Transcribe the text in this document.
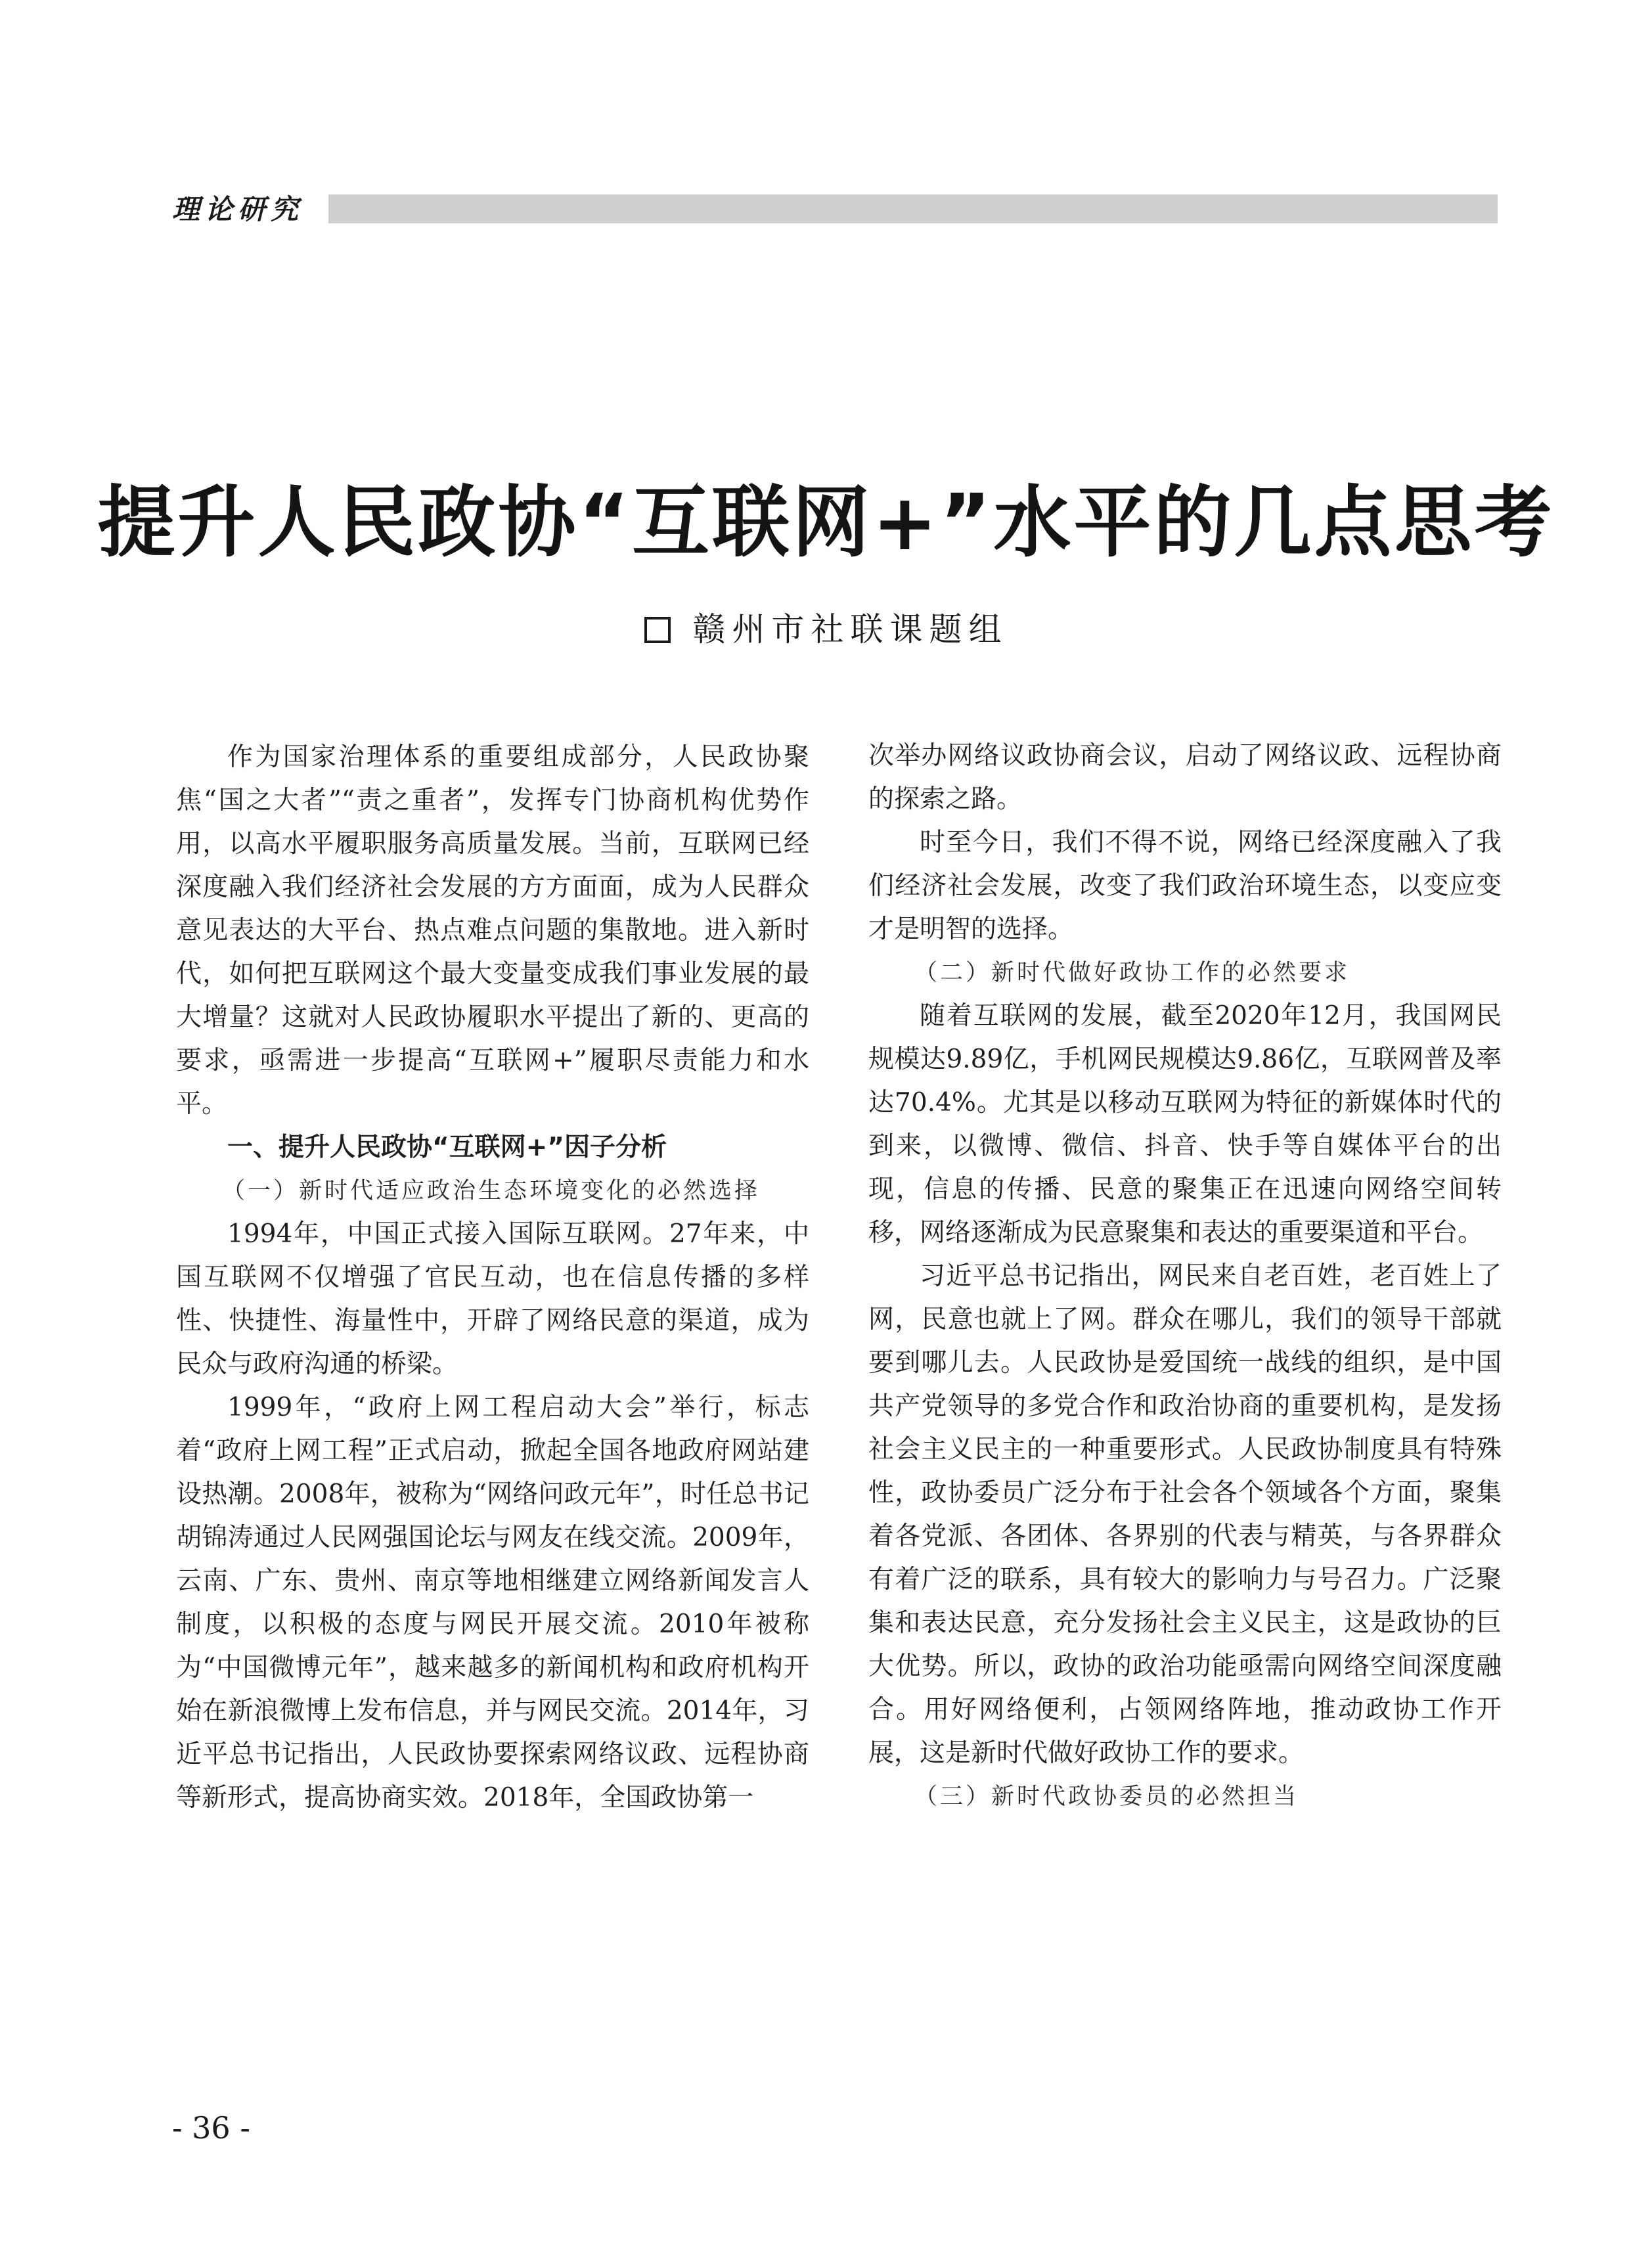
理论研究
提升人民政协“互联网+”水平的几点思考
赣州市社联课题组

作为国家治理体系的重要组成部分，人民政协聚焦“国之大者”“责之重者”，发挥专门协商机构优势作用，以高水平履职服务高质量发展。当前，互联网已经深度融入我们经济社会发展的方方面面，成为人民群众意见表达的大平台、热点难点问题的集散地。进入新时代，如何把互联网这个最大变量变成我们事业发展的最大增量？这就对人民政协履职水平提出了新的、更高的要求，亟需进一步提高“互联网+”履职尽责能力和水平。

一、提升人民政协“互联网+”因子分析
（一）新时代适应政治生态环境变化的必然选择

1994年，中国正式接入国际互联网。27年来，中国互联网不仅增强了官民互动，也在信息传播的多样性、快捷性、海量性中，开辟了网络民意的渠道，成为民众与政府沟通的桥梁。

1999年，“政府上网工程启动大会”举行，标志着“政府上网工程”正式启动，掀起全国各地政府网站建设热潮。2008年，被称为“网络问政元年”，时任总书记胡锦涛通过人民网强国论坛与网友在线交流。2009年，云南、广东、贵州、南京等地相继建立网络新闻发言人制度，以积极的态度与网民开展交流。2010年被称为“中国微博元年”，越来越多的新闻机构和政府机构开始在新浪微博上发布信息，并与网民交流。2014年，习近平总书记指出，人民政协要探索网络议政、远程协商等新形式，提高协商实效。2018年，全国政协第一

次举办网络议政协商会议，启动了网络议政、远程协商的探索之路。

时至今日，我们不得不说，网络已经深度融入了我们经济社会发展，改变了我们政治环境生态，以变应变才是明智的选择。

（二）新时代做好政协工作的必然要求

随着互联网的发展，截至2020年12月，我国网民规模达9.89亿，手机网民规模达9.86亿，互联网普及率达70.4%。尤其是以移动互联网为特征的新媒体时代的到来，以微博、微信、抖音、快手等自媒体平台的出现，信息的传播、民意的聚集正在迅速向网络空间转移，网络逐渐成为民意聚集和表达的重要渠道和平台。

习近平总书记指出，网民来自老百姓，老百姓上了网，民意也就上了网。群众在哪儿，我们的领导干部就要到哪儿去。人民政协是爱国统一战线的组织，是中国共产党领导的多党合作和政治协商的重要机构，是发扬社会主义民主的一种重要形式。人民政协制度具有特殊性，政协委员广泛分布于社会各个领域各个方面，聚集着各党派、各团体、各界别的代表与精英，与各界群众有着广泛的联系，具有较大的影响力与号召力。广泛聚集和表达民意，充分发扬社会主义民主，这是政协的巨大优势。所以，政协的政治功能亟需向网络空间深度融合。用好网络便利，占领网络阵地，推动政协工作开展，这是新时代做好政协工作的要求。

（三）新时代政协委员的必然担当
- 36 -
